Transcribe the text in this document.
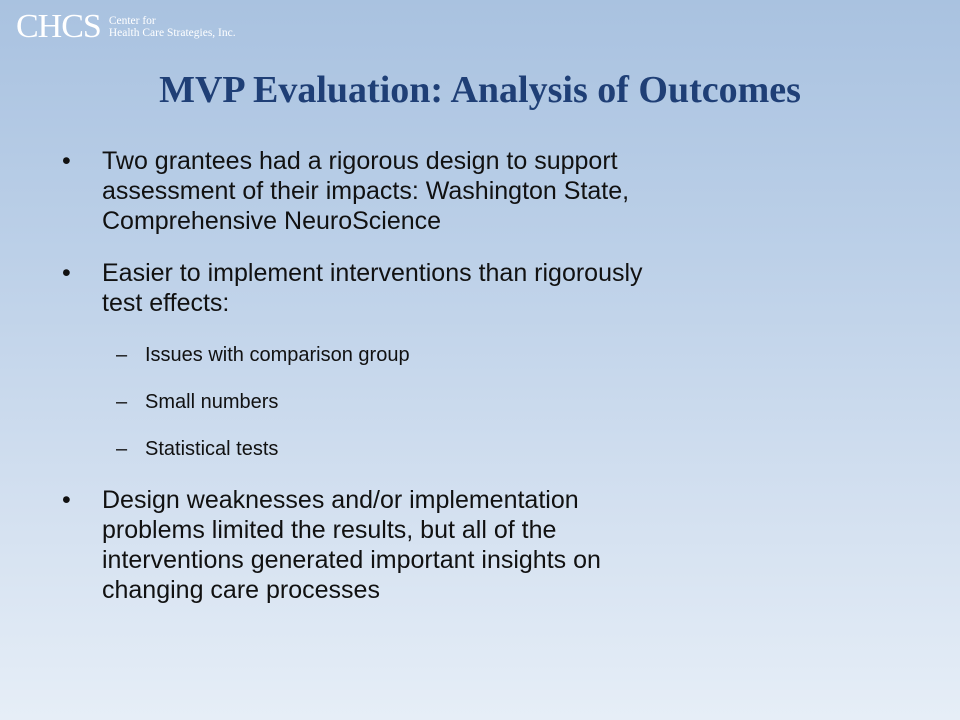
CHCS Center for
Health Care Strategies, Inc.
MVP Evaluation: Analysis of Outcomes
• Two grantees had a rigorous design to support
assessment of their impacts: Washington State,
Comprehensive NeuroScience
• Easier to implement interventions than rigorously
test effects:
– Issues with comparison group
– Small numbers
– Statistical tests
• Design weaknesses and/or implementation
problems limited the results, but all of the
interventions generated important insights on
changing care processes
